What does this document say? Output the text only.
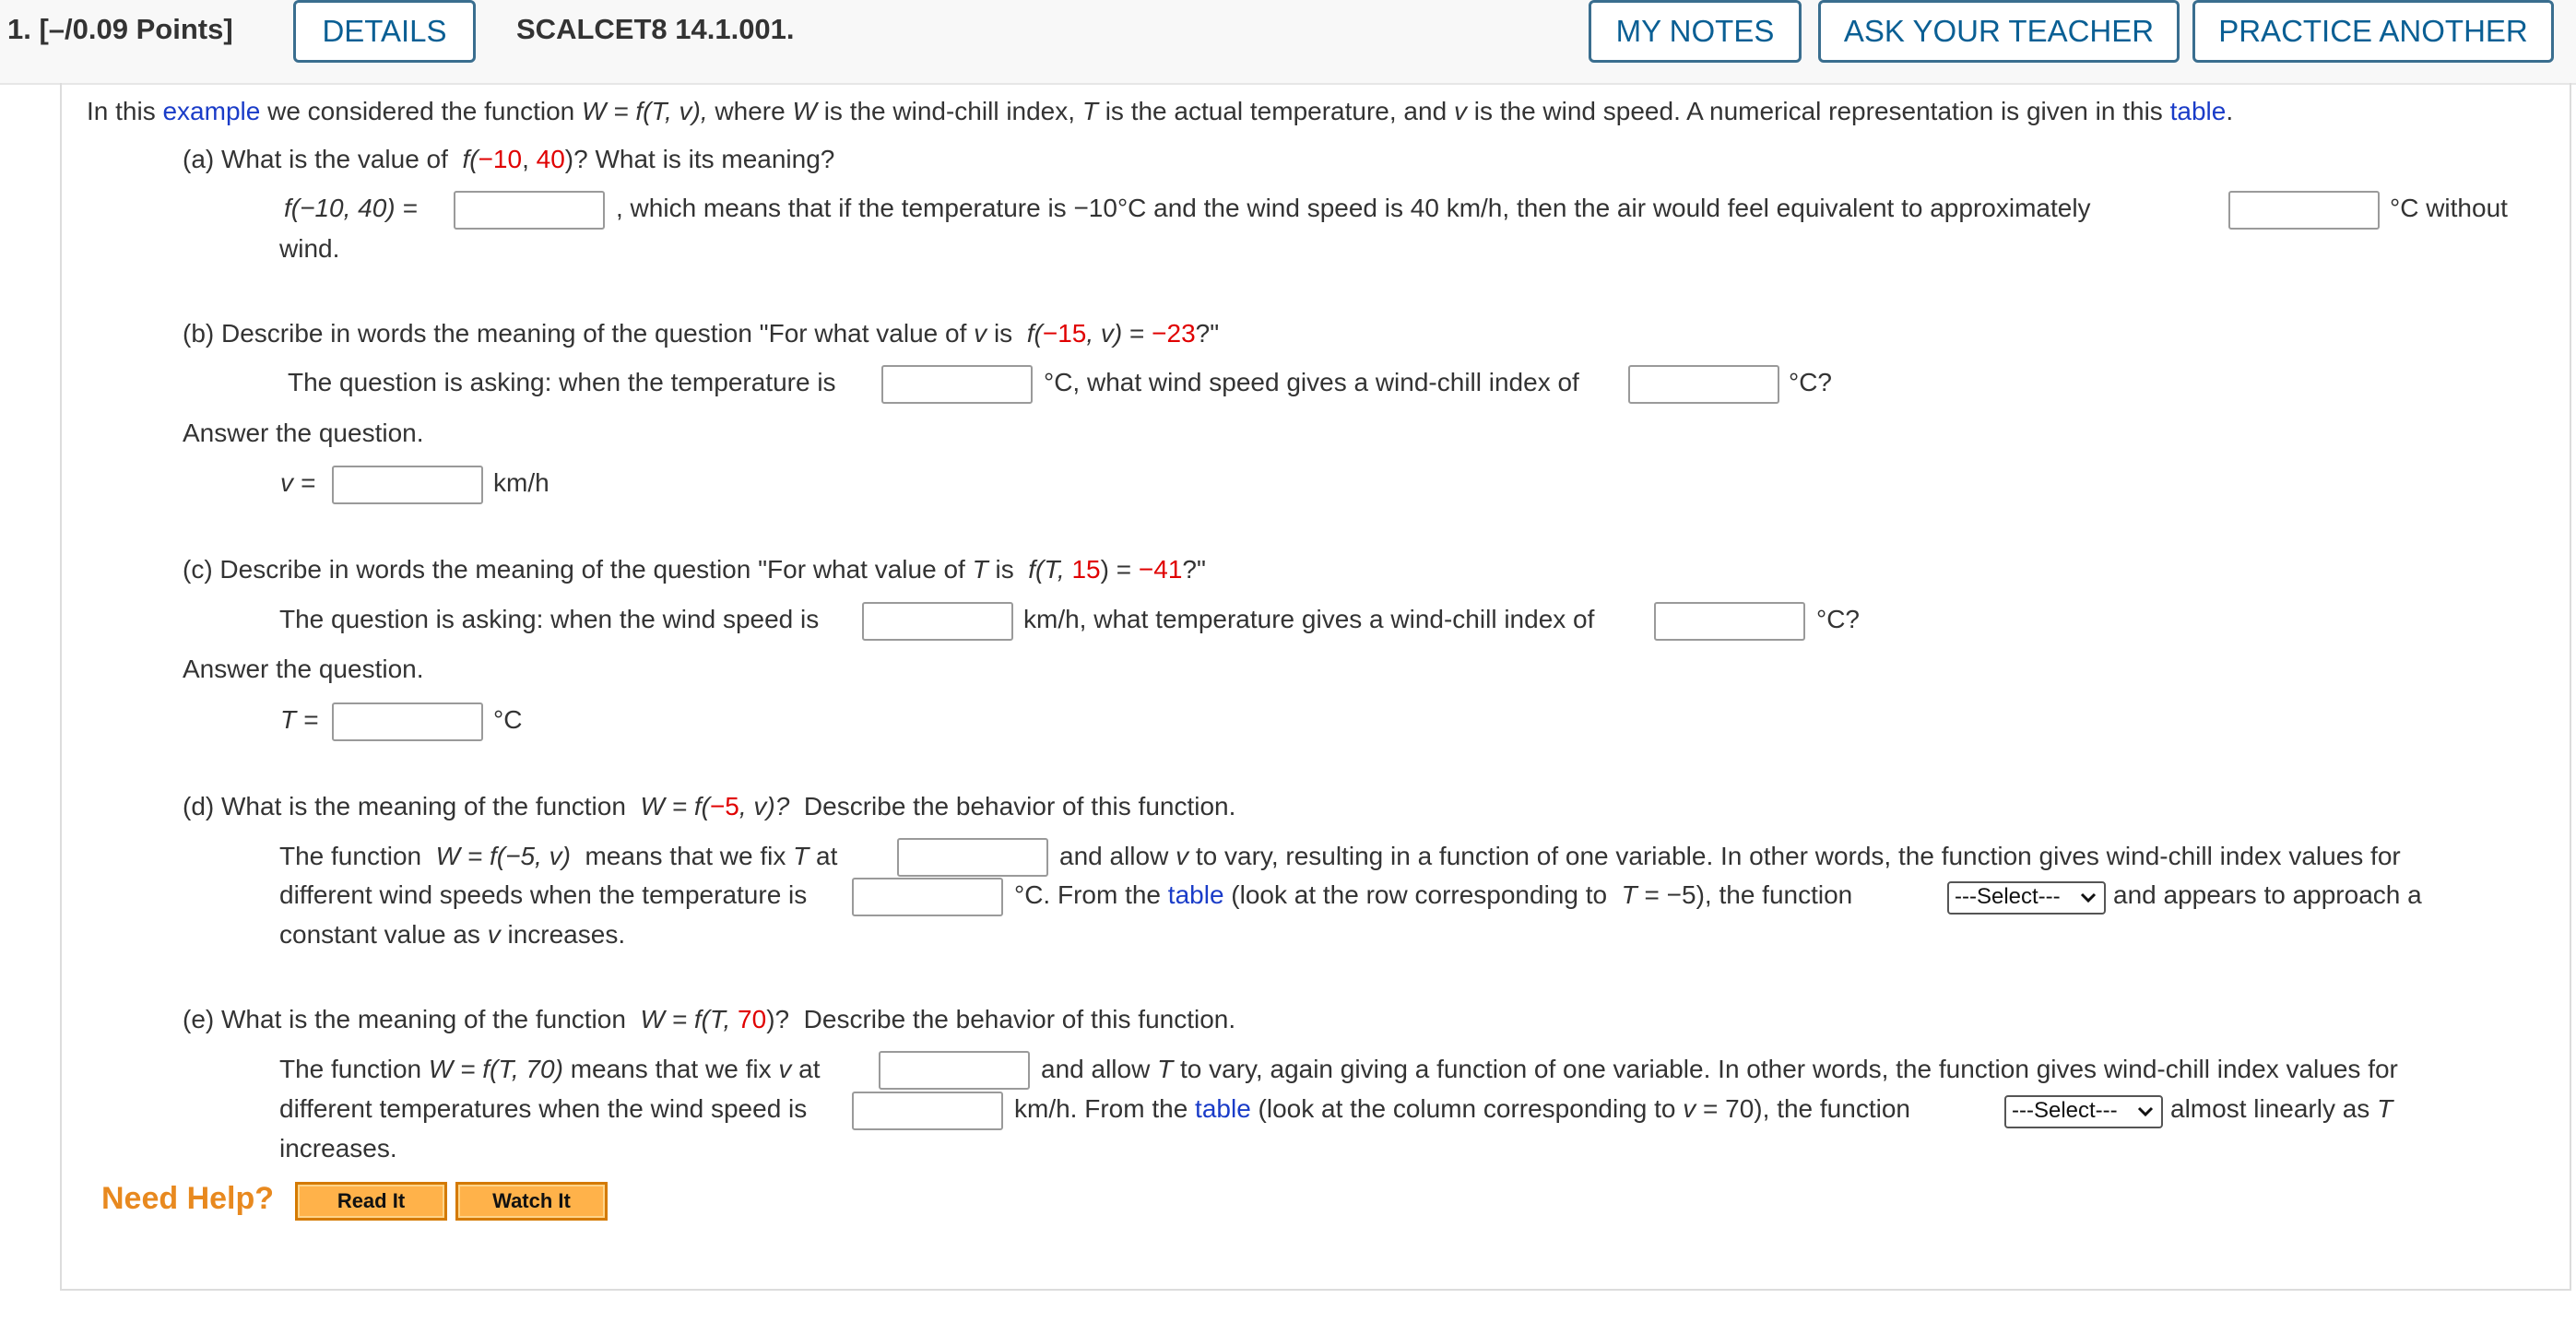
1. [–/0.09 Points]	DETAILS	SCALCET8 14.1.001.	MY NOTES	ASK YOUR TEACHER	PRACTICE ANOTHER
In this example we considered the function W = f(T, v), where W is the wind-chill index, T is the actual temperature, and v is the wind speed. A numerical representation is given in this table.
(a) What is the value of f(−10, 40)? What is its meaning?
f(−10, 40) =	, which means that if the temperature is −10°C and the wind speed is 40 km/h, then the air would feel equivalent to approximately	°C without
wind.
(b) Describe in words the meaning of the question "For what value of v is f(−15, v) = −23?"
The question is asking: when the temperature is	°C, what wind speed gives a wind-chill index of	°C?
Answer the question.
v =	km/h
(c) Describe in words the meaning of the question "For what value of T is f(T, 15) = −41?"
The question is asking: when the wind speed is	km/h, what temperature gives a wind-chill index of	°C?
Answer the question.
T =	°C
(d) What is the meaning of the function W = f(−5, v)? Describe the behavior of this function.
The function W = f(−5, v) means that we fix T at	and allow v to vary, resulting in a function of one variable. In other words, the function gives wind-chill index values for
different wind speeds when the temperature is	°C. From the table (look at the row corresponding to T = −5), the function	---Select---	and appears to approach a
constant value as v increases.
(e) What is the meaning of the function W = f(T, 70)? Describe the behavior of this function.
The function W = f(T, 70) means that we fix v at	and allow T to vary, again giving a function of one variable. In other words, the function gives wind-chill index values for
different temperatures when the wind speed is	km/h. From the table (look at the column corresponding to v = 70), the function	---Select---	almost linearly as T
increases.
Need Help?	Read It	Watch It
